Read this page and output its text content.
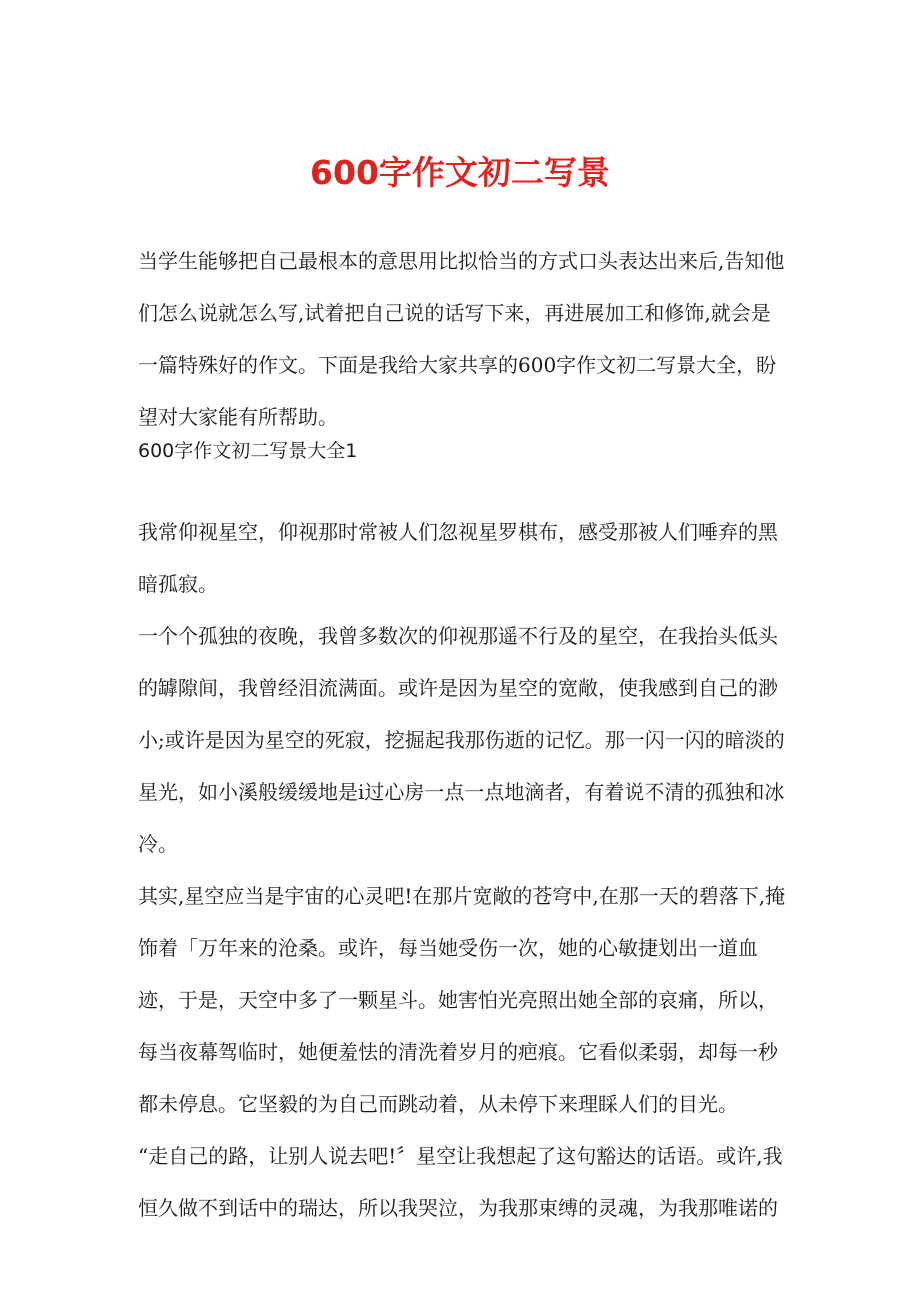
600字作文初二写景

当学生能够把自己最根本的意思用比拟恰当的方式口头表达出来后,告知他们怎么说就怎么写,试着把自己说的话写下来，再进展加工和修饰,就会是一篇特殊好的作文。下面是我给大家共享的600字作文初二写景大全，盼望对大家能有所帮助。

600字作文初二写景大全1

我常仰视星空，仰视那时常被人们忽视星罗棋布，感受那被人们唾弃的黑暗孤寂。

一个个孤独的夜晚，我曾多数次的仰视那遥不行及的星空，在我抬头低头的罅隙间，我曾经泪流满面。或许是因为星空的宽敞，使我感到自己的渺小;或许是因为星空的死寂，挖掘起我那伤逝的记忆。那一闪一闪的暗淡的星光，如小溪般缓缓地是i过心房一点一点地滴者，有着说不清的孤独和冰冷。

其实,星空应当是宇宙的心灵吧!在那片宽敞的苍穹中,在那一天的碧落下,掩饰着「万年来的沧桑。或许，每当她受伤一次，她的心敏捷划出一道血迹，于是，天空中多了一颗星斗。她害怕光亮照出她全部的哀痛，所以，每当夜幕驾临时，她便羞怯的清洗着岁月的疤痕。它看似柔弱，却每一秒都未停息。它坚毅的为自己而跳动着，从未停下来理睬人们的目光。

“走自己的路，让别人说去吧!〞星空让我想起了这句豁达的话语。或许,我恒久做不到话中的瑞达，所以我哭泣，为我那束缚的灵魂，为我那唯诺的
